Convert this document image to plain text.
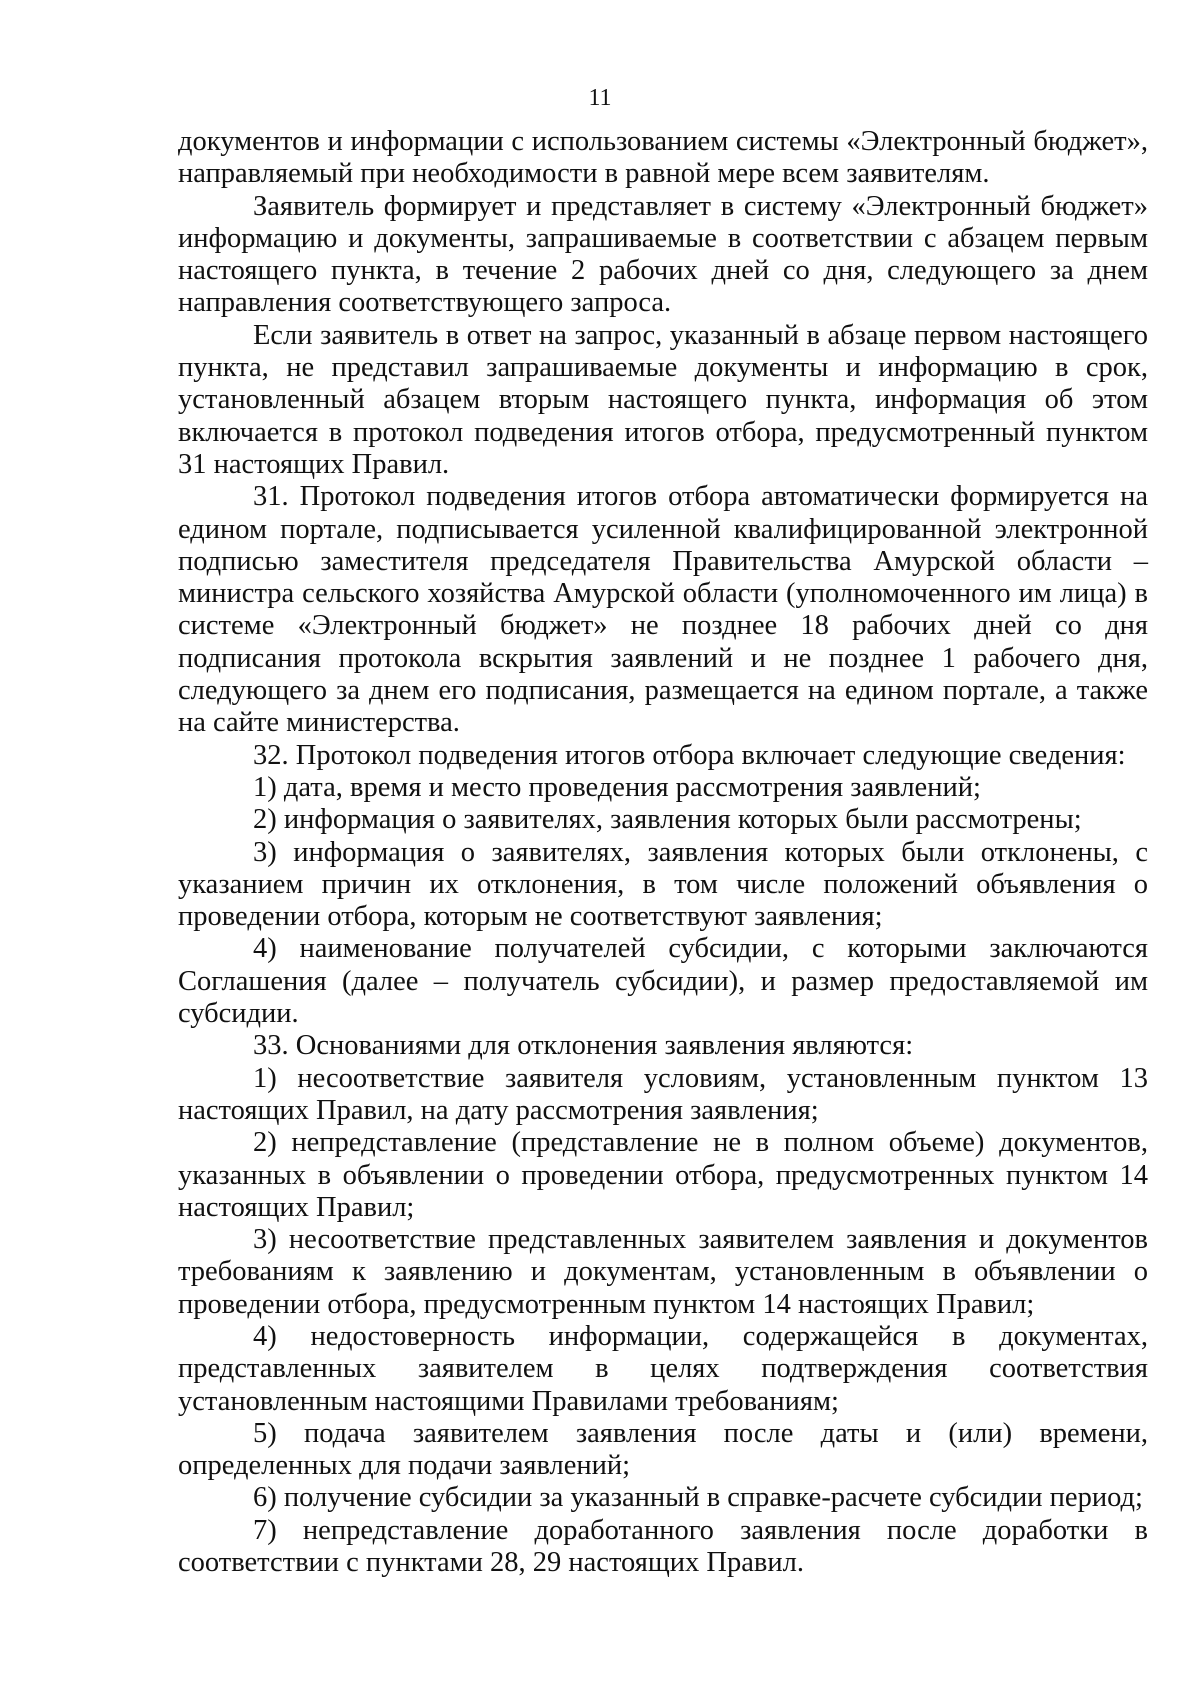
11

документов и информации с использованием системы «Электронный бюджет», направляемый при необходимости в равной мере всем заявителям.

Заявитель формирует и представляет в систему «Электронный бюджет» информацию и документы, запрашиваемые в соответствии с абзацем первым настоящего пункта, в течение 2 рабочих дней со дня, следующего за днем направления соответствующего запроса.

Если заявитель в ответ на запрос, указанный в абзаце первом настоящего пункта, не представил запрашиваемые документы и информацию в срок, установленный абзацем вторым настоящего пункта, информация об этом включается в протокол подведения итогов отбора, предусмотренный пунктом 31 настоящих Правил.

31. Протокол подведения итогов отбора автоматически формируется на едином портале, подписывается усиленной квалифицированной электронной подписью заместителя председателя Правительства Амурской области – министра сельского хозяйства Амурской области (уполномоченного им лица) в системе «Электронный бюджет» не позднее 18 рабочих дней со дня подписания протокола вскрытия заявлений и не позднее 1 рабочего дня, следующего за днем его подписания, размещается на едином портале, а также на сайте министерства.

32. Протокол подведения итогов отбора включает следующие сведения:

1) дата, время и место проведения рассмотрения заявлений;

2) информация о заявителях, заявления которых были рассмотрены;

3) информация о заявителях, заявления которых были отклонены, с указанием причин их отклонения, в том числе положений объявления о проведении отбора, которым не соответствуют заявления;

4) наименование получателей субсидии, с которыми заключаются Соглашения (далее – получатель субсидии), и размер предоставляемой им субсидии.

33. Основаниями для отклонения заявления являются:

1) несоответствие заявителя условиям, установленным пунктом 13 настоящих Правил, на дату рассмотрения заявления;

2) непредставление (представление не в полном объеме) документов, указанных в объявлении о проведении отбора, предусмотренных пунктом 14 настоящих Правил;

3) несоответствие представленных заявителем заявления и документов требованиям к заявлению и документам, установленным в объявлении о проведении отбора, предусмотренным пунктом 14 настоящих Правил;

4) недостоверность информации, содержащейся в документах, представленных заявителем в целях подтверждения соответствия установленным настоящими Правилами требованиям;

5) подача заявителем заявления после даты и (или) времени, определенных для подачи заявлений;

6) получение субсидии за указанный в справке-расчете субсидии период;

7) непредставление доработанного заявления после доработки в соответствии с пунктами 28, 29 настоящих Правил.
